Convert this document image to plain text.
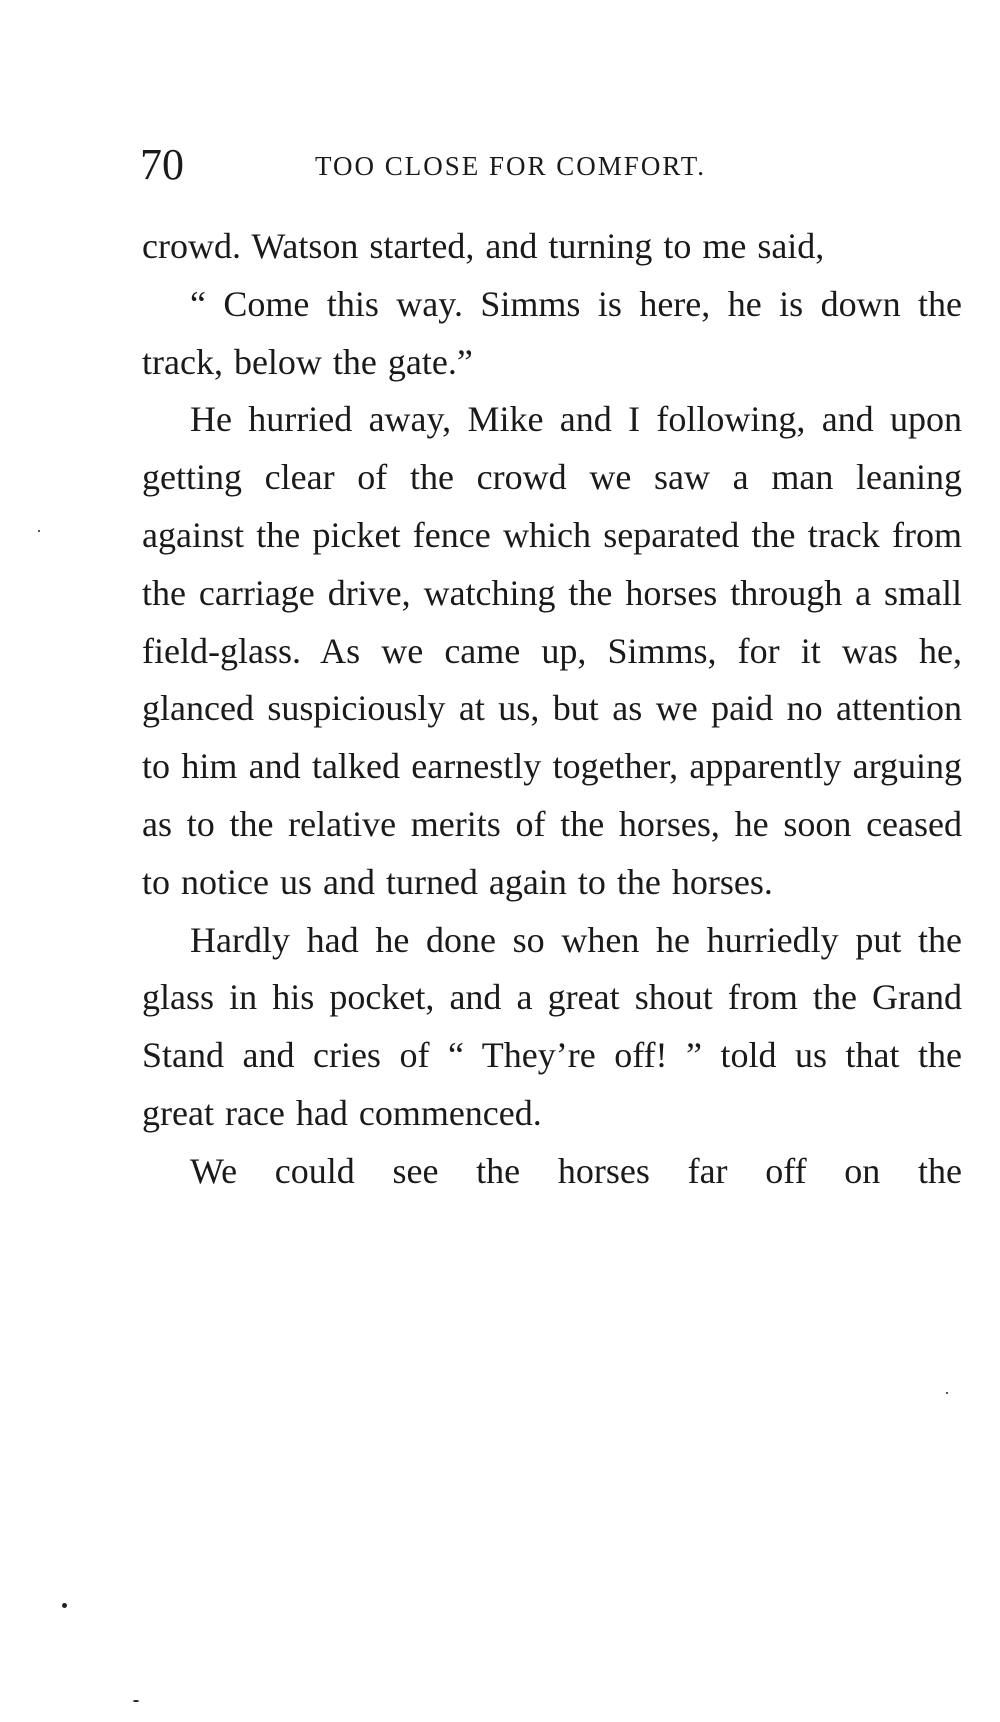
70	TOO CLOSE FOR COMFORT.

crowd. Watson started, and turning to me said,

“ Come this way. Simms is here, he is down the track, below the gate.”

He hurried away, Mike and I following, and upon getting clear of the crowd we saw a man leaning against the picket fence which separated the track from the carriage drive, watching the horses through a small field-glass. As we came up, Simms, for it was he, glanced suspiciously at us, but as we paid no attention to him and talked earnestly together, apparently arguing as to the relative merits of the horses, he soon ceased to notice us and turned again to the horses.

Hardly had he done so when he hurriedly put the glass in his pocket, and a great shout from the Grand Stand and cries of “ They’re off! ” told us that the great race had commenced.

We could see the horses far off on the
